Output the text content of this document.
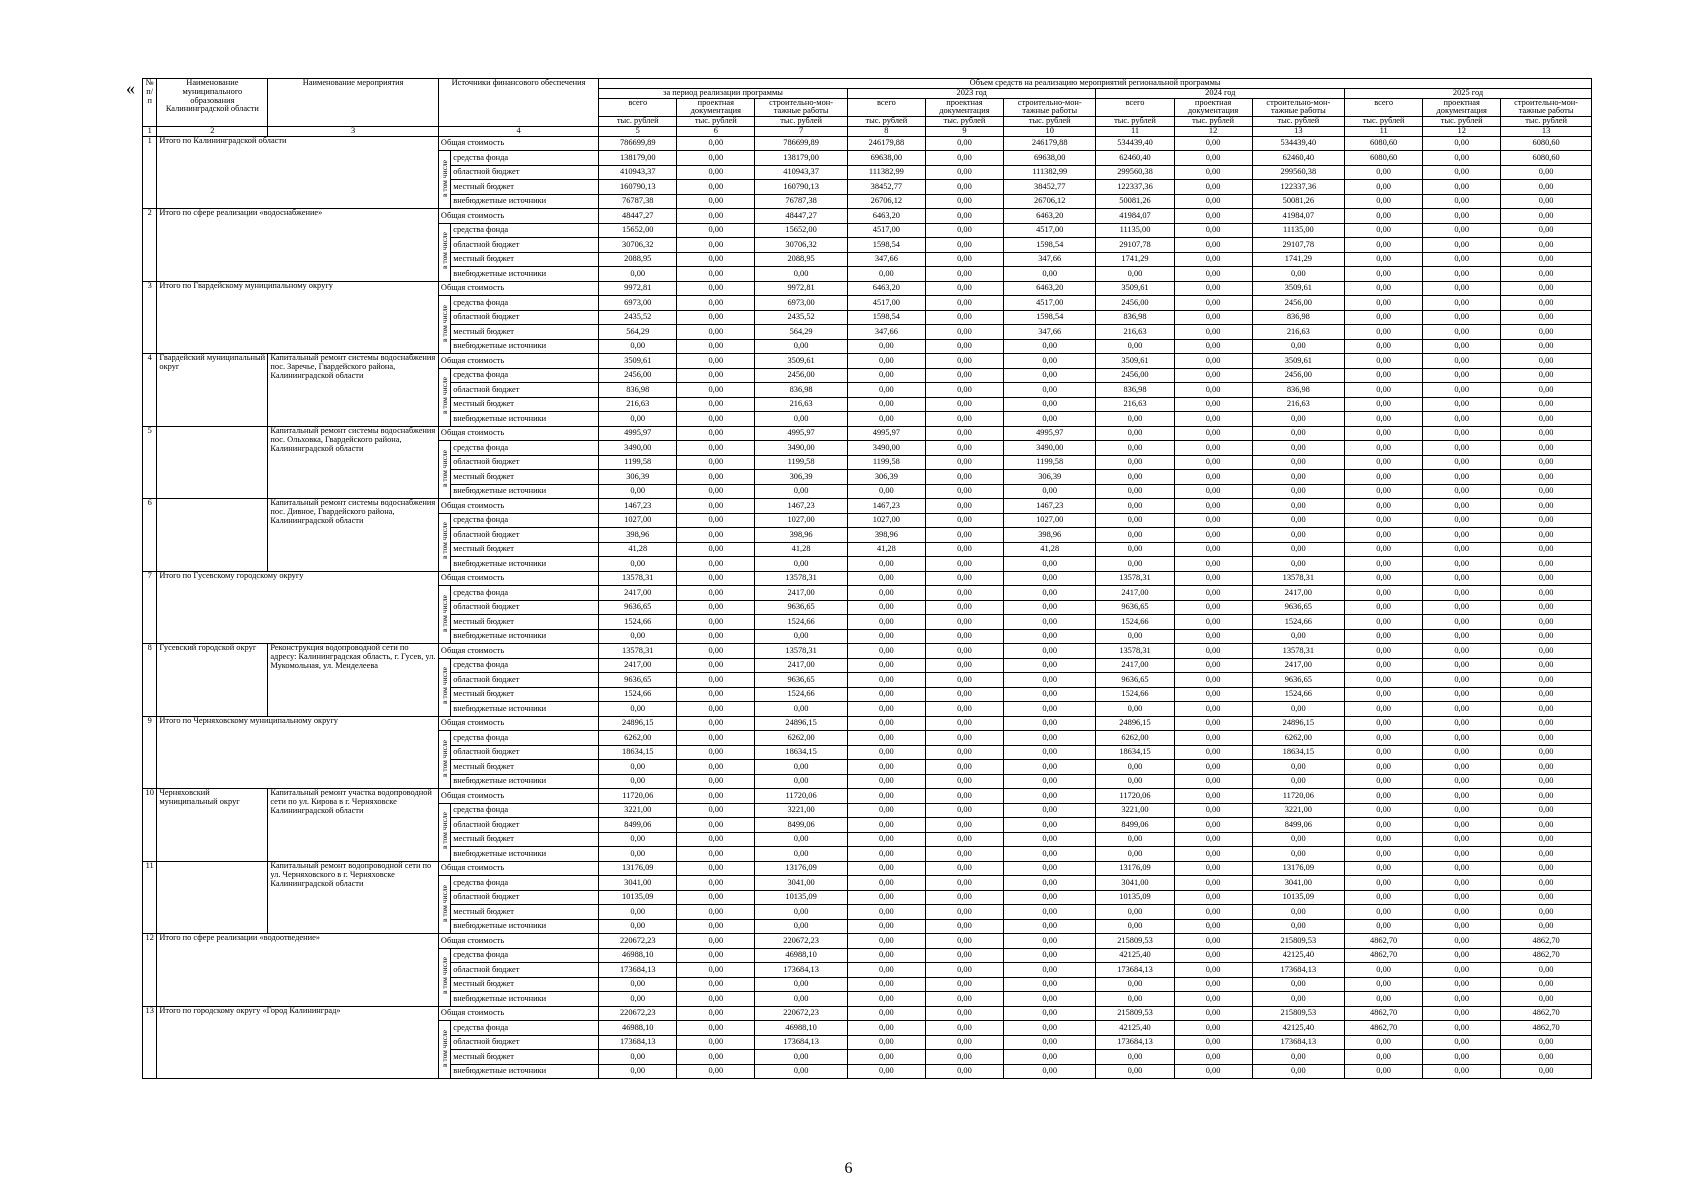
« № п/п	Наименование муниципального образования Калининградской области	Наименование мероприятия	Источники финансового обеспечения		Объем средств на реализацию мероприятий региональной программы											
					за период реализации программы			2023 год			2024 год			2025 год		
					всего	проектная документация	строительно-мон-тажные работы	всего	проектная документация	строительно-мон-тажные работы	всего	проектная документация	строительно-мон-тажные работы	всего	проектная документация	строительно-мон-тажные работы
					тыс. рублей	тыс. рублей	тыс. рублей	тыс. рублей	тыс. рублей	тыс. рублей	тыс. рублей	тыс. рублей	тыс. рублей	тыс. рублей	тыс. рублей	тыс. рублей
1	2	3	4		5	6	7	8	9	10	11	12	13	11	12	13
1	Итого по Калининградской области		Общая стоимость		786699,89	0,00	786699,89	246179,88	0,00	246179,88	534439,40	0,00	534439,40	6080,60	0,00	6080,60
			в том числе	средства фонда	138179,00	0,00	138179,00	69638,00	0,00	69638,00	62460,40	0,00	62460,40	6080,60	0,00	6080,60
				областной бюджет	410943,37	0,00	410943,37	111382,99	0,00	111382,99	299560,38	0,00	299560,38	0,00	0,00	0,00
				местный бюджет	160790,13	0,00	160790,13	38452,77	0,00	38452,77	122337,36	0,00	122337,36	0,00	0,00	0,00
				внебюджетные источники	76787,38	0,00	76787,38	26706,12	0,00	26706,12	50081,26	0,00	50081,26	0,00	0,00	0,00
2	Итого по сфере реализации «водоснабжение»		Общая стоимость		48447,27	0,00	48447,27	6463,20	0,00	6463,20	41984,07	0,00	41984,07	0,00	0,00	0,00
			в том числе	средства фонда	15652,00	0,00	15652,00	4517,00	0,00	4517,00	11135,00	0,00	11135,00	0,00	0,00	0,00
				областной бюджет	30706,32	0,00	30706,32	1598,54	0,00	1598,54	29107,78	0,00	29107,78	0,00	0,00	0,00
				местный бюджет	2088,95	0,00	2088,95	347,66	0,00	347,66	1741,29	0,00	1741,29	0,00	0,00	0,00
				внебюджетные источники	0,00	0,00	0,00	0,00	0,00	0,00	0,00	0,00	0,00	0,00	0,00	0,00
3	Итого по Гвардейскому муниципальному округу		Общая стоимость		9972,81	0,00	9972,81	6463,20	0,00	6463,20	3509,61	0,00	3509,61	0,00	0,00	0,00
			в том числе	средства фонда	6973,00	0,00	6973,00	4517,00	0,00	4517,00	2456,00	0,00	2456,00	0,00	0,00	0,00
				областной бюджет	2435,52	0,00	2435,52	1598,54	0,00	1598,54	836,98	0,00	836,98	0,00	0,00	0,00
				местный бюджет	564,29	0,00	564,29	347,66	0,00	347,66	216,63	0,00	216,63	0,00	0,00	0,00
				внебюджетные источники	0,00	0,00	0,00	0,00	0,00	0,00	0,00	0,00	0,00	0,00	0,00	0,00
4	Гвардейский муниципальный округ	Капитальный ремонт системы водоснабжения пос. Заречье, Гвардейского района, Калининградской области	Общая стоимость		3509,61	0,00	3509,61	0,00	0,00	0,00	3509,61	0,00	3509,61	0,00	0,00	0,00
			в том числе	средства фонда	2456,00	0,00	2456,00	0,00	0,00	0,00	2456,00	0,00	2456,00	0,00	0,00	0,00
				областной бюджет	836,98	0,00	836,98	0,00	0,00	0,00	836,98	0,00	836,98	0,00	0,00	0,00
				местный бюджет	216,63	0,00	216,63	0,00	0,00	0,00	216,63	0,00	216,63	0,00	0,00	0,00
				внебюджетные источники	0,00	0,00	0,00	0,00	0,00	0,00	0,00	0,00	0,00	0,00	0,00	0,00
5		Капитальный ремонт системы водоснабжения пос. Ольховка, Гвардейского района, Калининградской области	Общая стоимость		4995,97	0,00	4995,97	4995,97	0,00	4995,97	0,00	0,00	0,00	0,00	0,00	0,00
			в том числе	средства фонда	3490,00	0,00	3490,00	3490,00	0,00	3490,00	0,00	0,00	0,00	0,00	0,00	0,00
				областной бюджет	1199,58	0,00	1199,58	1199,58	0,00	1199,58	0,00	0,00	0,00	0,00	0,00	0,00
				местный бюджет	306,39	0,00	306,39	306,39	0,00	306,39	0,00	0,00	0,00	0,00	0,00	0,00
				внебюджетные источники	0,00	0,00	0,00	0,00	0,00	0,00	0,00	0,00	0,00	0,00	0,00	0,00
6		Капитальный ремонт системы водоснабжения пос. Дивное, Гвардейского района, Калининградской области	Общая стоимость		1467,23	0,00	1467,23	1467,23	0,00	1467,23	0,00	0,00	0,00	0,00	0,00	0,00
			в том числе	средства фонда	1027,00	0,00	1027,00	1027,00	0,00	1027,00	0,00	0,00	0,00	0,00	0,00	0,00
				областной бюджет	398,96	0,00	398,96	398,96	0,00	398,96	0,00	0,00	0,00	0,00	0,00	0,00
				местный бюджет	41,28	0,00	41,28	41,28	0,00	41,28	0,00	0,00	0,00	0,00	0,00	0,00
				внебюджетные источники	0,00	0,00	0,00	0,00	0,00	0,00	0,00	0,00	0,00	0,00	0,00	0,00
7	Итого по Гусевскому городскому округу		Общая стоимость		13578,31	0,00	13578,31	0,00	0,00	0,00	13578,31	0,00	13578,31	0,00	0,00	0,00
			в том числе	средства фонда	2417,00	0,00	2417,00	0,00	0,00	0,00	2417,00	0,00	2417,00	0,00	0,00	0,00
				областной бюджет	9636,65	0,00	9636,65	0,00	0,00	0,00	9636,65	0,00	9636,65	0,00	0,00	0,00
				местный бюджет	1524,66	0,00	1524,66	0,00	0,00	0,00	1524,66	0,00	1524,66	0,00	0,00	0,00
				внебюджетные источники	0,00	0,00	0,00	0,00	0,00	0,00	0,00	0,00	0,00	0,00	0,00	0,00
8	Гусевский городской округ	Реконструкция водопроводной сети по адресу: Калининградская область, г. Гусев, ул. Мукомольная, ул. Менделеева	Общая стоимость		13578,31	0,00	13578,31	0,00	0,00	0,00	13578,31	0,00	13578,31	0,00	0,00	0,00
			в том числе	средства фонда	2417,00	0,00	2417,00	0,00	0,00	0,00	2417,00	0,00	2417,00	0,00	0,00	0,00
				областной бюджет	9636,65	0,00	9636,65	0,00	0,00	0,00	9636,65	0,00	9636,65	0,00	0,00	0,00
				местный бюджет	1524,66	0,00	1524,66	0,00	0,00	0,00	1524,66	0,00	1524,66	0,00	0,00	0,00
				внебюджетные источники	0,00	0,00	0,00	0,00	0,00	0,00	0,00	0,00	0,00	0,00	0,00	0,00
9	Итого по Черняховскому муниципальному округу		Общая стоимость		24896,15	0,00	24896,15	0,00	0,00	0,00	24896,15	0,00	24896,15	0,00	0,00	0,00
			в том числе	средства фонда	6262,00	0,00	6262,00	0,00	0,00	0,00	6262,00	0,00	6262,00	0,00	0,00	0,00
				областной бюджет	18634,15	0,00	18634,15	0,00	0,00	0,00	18634,15	0,00	18634,15	0,00	0,00	0,00
				местный бюджет	0,00	0,00	0,00	0,00	0,00	0,00	0,00	0,00	0,00	0,00	0,00	0,00
				внебюджетные источники	0,00	0,00	0,00	0,00	0,00	0,00	0,00	0,00	0,00	0,00	0,00	0,00
10	Черняховский муниципальный округ	Капитальный ремонт участка водопроводной сети по ул. Кирова в г. Черняховске Калининградской области	Общая стоимость		11720,06	0,00	11720,06	0,00	0,00	0,00	11720,06	0,00	11720,06	0,00	0,00	0,00
			в том числе	средства фонда	3221,00	0,00	3221,00	0,00	0,00	0,00	3221,00	0,00	3221,00	0,00	0,00	0,00
				областной бюджет	8499,06	0,00	8499,06	0,00	0,00	0,00	8499,06	0,00	8499,06	0,00	0,00	0,00
				местный бюджет	0,00	0,00	0,00	0,00	0,00	0,00	0,00	0,00	0,00	0,00	0,00	0,00
				внебюджетные источники	0,00	0,00	0,00	0,00	0,00	0,00	0,00	0,00	0,00	0,00	0,00	0,00
11		Капитальный ремонт водопроводной сети по ул. Черняховского в г. Черняховске Калининградской области	Общая стоимость		13176,09	0,00	13176,09	0,00	0,00	0,00	13176,09	0,00	13176,09	0,00	0,00	0,00
			в том числе	средства фонда	3041,00	0,00	3041,00	0,00	0,00	0,00	3041,00	0,00	3041,00	0,00	0,00	0,00
				областной бюджет	10135,09	0,00	10135,09	0,00	0,00	0,00	10135,09	0,00	10135,09	0,00	0,00	0,00
				местный бюджет	0,00	0,00	0,00	0,00	0,00	0,00	0,00	0,00	0,00	0,00	0,00	0,00
				внебюджетные источники	0,00	0,00	0,00	0,00	0,00	0,00	0,00	0,00	0,00	0,00	0,00	0,00
12	Итого по сфере реализации «водоотведение»		Общая стоимость		220672,23	0,00	220672,23	0,00	0,00	0,00	215809,53	0,00	215809,53	4862,70	0,00	4862,70
			в том числе	средства фонда	46988,10	0,00	46988,10	0,00	0,00	0,00	42125,40	0,00	42125,40	4862,70	0,00	4862,70
				областной бюджет	173684,13	0,00	173684,13	0,00	0,00	0,00	173684,13	0,00	173684,13	0,00	0,00	0,00
				местный бюджет	0,00	0,00	0,00	0,00	0,00	0,00	0,00	0,00	0,00	0,00	0,00	0,00
				внебюджетные источники	0,00	0,00	0,00	0,00	0,00	0,00	0,00	0,00	0,00	0,00	0,00	0,00
13	Итого по городскому округу «Город Калининград»		Общая стоимость		220672,23	0,00	220672,23	0,00	0,00	0,00	215809,53	0,00	215809,53	4862,70	0,00	4862,70
			в том числе	средства фонда	46988,10	0,00	46988,10	0,00	0,00	0,00	42125,40	0,00	42125,40	4862,70	0,00	4862,70
				областной бюджет	173684,13	0,00	173684,13	0,00	0,00	0,00	173684,13	0,00	173684,13	0,00	0,00	0,00
				местный бюджет	0,00	0,00	0,00	0,00	0,00	0,00	0,00	0,00	0,00	0,00	0,00	0,00
				внебюджетные источники	0,00	0,00	0,00	0,00	0,00	0,00	0,00	0,00	0,00	0,00	0,00	0,00
6
